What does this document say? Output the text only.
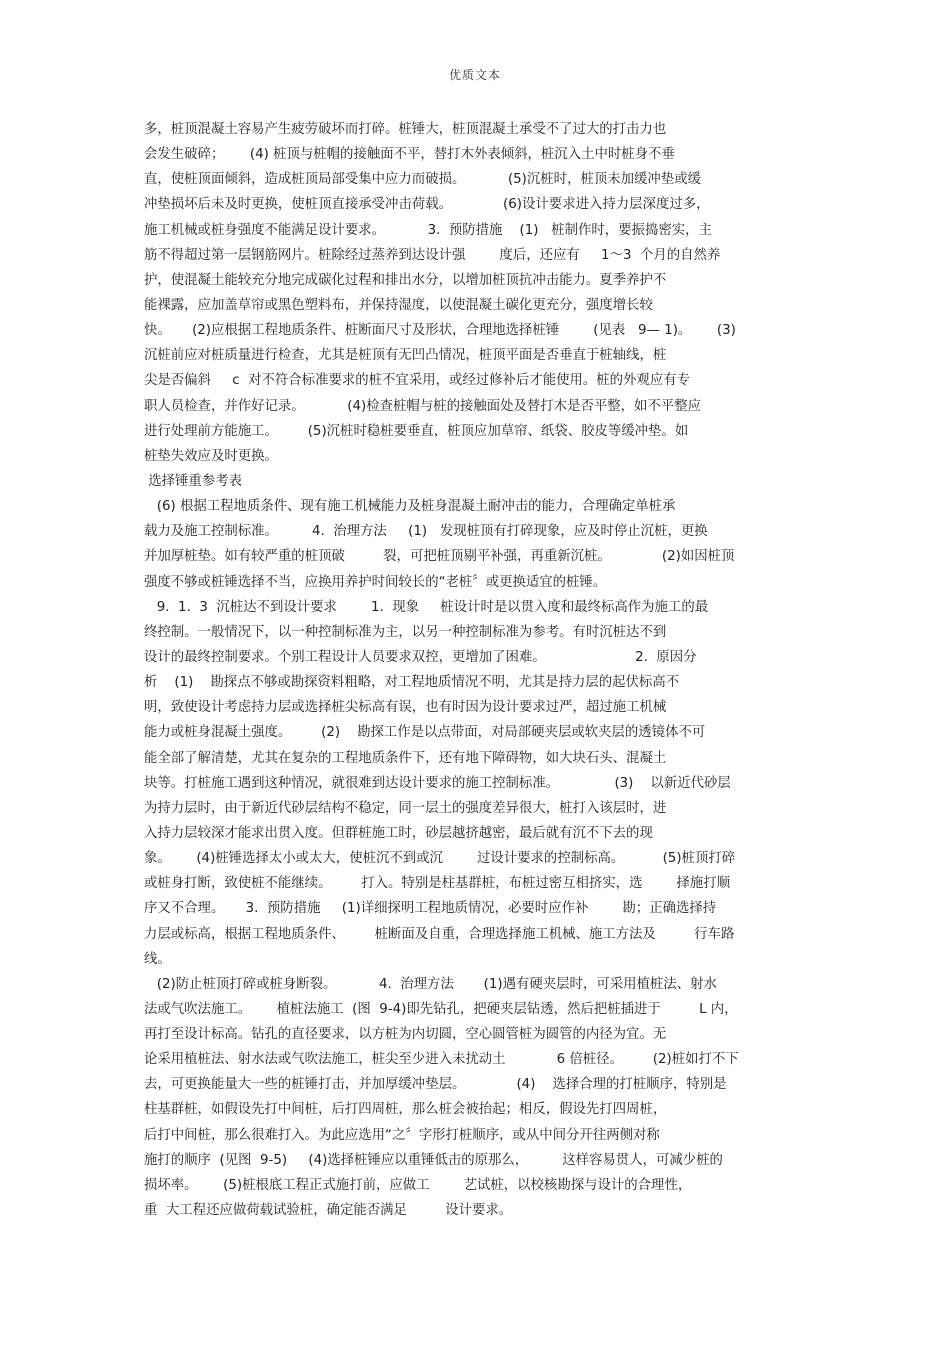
优质文本
多，桩顶混凝土容易产生疲劳破坏而打碎。桩锤大，桩顶混凝土承受不了过大的打击力也
会发生破碎；      (4) 桩顶与桩帽的接触面不平，替打木外表倾斜，桩沉入土中时桩身不垂
直，使桩顶面倾斜，造成桩顶局部受集中应力而破损。          (5)沉桩时，桩顶未加缓冲垫或缓
冲垫损坏后未及时更换，使桩顶直接承受冲击荷载。            (6)设计要求进入持力层深度过多，
施工机械或桩身强度不能满足设计要求。          3.  预防措施    (1)   桩制作时，要振捣密实，主
筋不得超过第一层钢筋网片。桩除经过蒸养到达设计强        度后，还应有     1～3  个月的自然养
护，使混凝土能较充分地完成碳化过程和排出水分，以增加桩顶抗冲击能力。夏季养护不
能裸露，应加盖草帘或黑色塑料布，并保持湿度，以使混凝土碳化更充分，强度增长较
快。     (2)应根据工程地质条件、桩断面尺寸及形状，合理地选择桩锤        (见表   9— 1)。      (3)
沉桩前应对桩质量进行检查，尤其是桩顶有无凹凸情况，桩顶平面是否垂直于桩轴线，桩
尖是否偏斜     c  对不符合标准要求的桩不宜采用，或经过修补后才能使用。桩的外观应有专
职人员检查，并作好记录。          (4)检查桩帽与桩的接触面处及替打木是否平整，如不平整应
进行处理前方能施工。       (5)沉桩时稳桩要垂直，桩顶应加草帘、纸袋、胶皮等缓冲垫。如
桩垫失效应及时更换。
选择锤重参考表
(6) 根据工程地质条件、现有施工机械能力及桩身混凝土耐冲击的能力，合理确定单桩承
载力及施工控制标准。        4.  治理方法     (1)   发现桩顶有打碎现象，应及时停止沉桩，更换
并加厚桩垫。如有较严重的桩顶破         裂，可把桩顶剔平补强，再重新沉桩。            (2)如因桩顶
强度不够或桩锤选择不当，应换用养护时间较长的“老桩〞或更换适宜的桩锤。
9.  1.  3  沉桩达不到设计要求        1.  现象     桩设计时是以贯入度和最终标高作为施工的最
终控制。一般情况下，以一种控制标准为主，以另一种控制标准为参考。有时沉桩达不到
设计的最终控制要求。个别工程设计人员要求双控，更增加了困难。                     2.  原因分
析    (1)    勘探点不够或勘探资料粗略，对工程地质情况不明，尤其是持力层的起伏标高不
明，致使设计考虑持力层或选择桩尖标高有误，也有时因为设计要求过严，超过施工机械
能力或桩身混凝土强度。       (2)    勘探工作是以点带面，对局部硬夹层或软夹层的透镜体不可
能全部了解清楚，尤其在复杂的工程地质条件下，还有地下障碍物，如大块石头、混凝土
块等。打桩施工遇到这种情况，就很难到达设计要求的施工控制标准。             (3)    以新近代砂层
为持力层时，由于新近代砂层结构不稳定，同一层土的强度差异很大，桩打入该层时，进
入持力层较深才能求出贯入度。但群桩施工时，砂层越挤越密，最后就有沉不下去的现
象。      (4)桩锤选择太小或太大，使桩沉不到或沉        过设计要求的控制标高。         (5)桩顶打碎
或桩身打断，致使桩不能继续。       打入。特别是柱基群桩，布桩过密互相挤实，选        择施打顺
序又不合理。     3.  预防措施     (1)详细探明工程地质情况，必要时应作补        勘；正确选择持
力层或标高，根据工程地质条件、       桩断面及自重，合理选择施工机械、施工方法及         行车路
线。
(2)防止桩顶打碎或桩身断裂。          4.  治理方法       (1)遇有硬夹层时，可采用植桩法、射水
法或气吹法施工。      植桩法施工  (图  9-4)即先钻孔，把硬夹层钻透，然后把桩插进于         L 内，
再打至设计标高。钻孔的直径要求，以方桩为内切圆，空心圆管桩为圆管的内径为宜。无
论采用植桩法、射水法或气吹法施工，桩尖至少进入未扰动土            6 倍桩径。       (2)桩如打不下
去，可更换能量大一些的桩锤打击，并加厚缓冲垫层。            (4)    选择合理的打桩顺序，特别是
柱基群桩，如假设先打中间桩，后打四周桩，那么桩会被抬起；相反，假设先打四周桩，
后打中间桩，那么很难打入。为此应选用“之〞字形打桩顺序，或从中间分开往两侧对称
施打的顺序  (见图  9-5)     (4)选择桩锤应以重锤低击的原那么，        这样容易贯人，可减少桩的
损坏率。      (5)桩根底工程正式施打前，应做工        艺试桩，以校核勘探与设计的合理性，
重  大工程还应做荷载试验桩，确定能否满足         设计要求。
